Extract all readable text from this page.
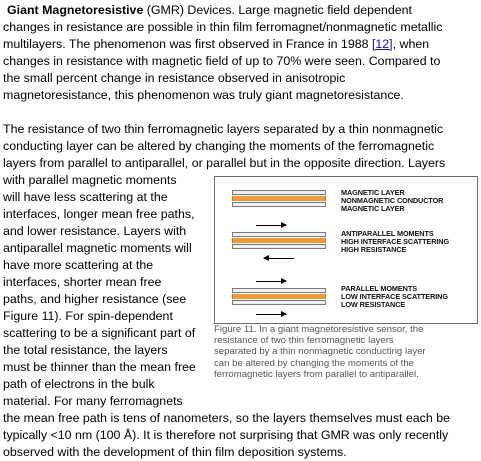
Giant Magnetoresistive (GMR) Devices. Large magnetic field dependent
changes in resistance are possible in thin film ferromagnet/nonmagnetic metallic
multilayers. The phenomenon was first observed in France in 1988 [12], when
changes in resistance with magnetic field of up to 70% were seen. Compared to
the small percent change in resistance observed in anisotropic
magnetoresistance, this phenomenon was truly giant magnetoresistance.
The resistance of two thin ferromagnetic layers separated by a thin nonmagnetic
conducting layer can be altered by changing the moments of the ferromagnetic
layers from parallel to antiparallel, or parallel but in the opposite direction. Layers
with parallel magnetic moments
will have less scattering at the
interfaces, longer mean free paths,
and lower resistance. Layers with
antiparallel magnetic moments will
have more scattering at the
interfaces, shorter mean free
paths, and higher resistance (see
Figure 11). For spin-dependent
scattering to be a significant part of
the total resistance, the layers
must be thinner than the mean free
path of electrons in the bulk
material. For many ferromagnets
the mean free path is tens of nanometers, so the layers themselves must each be
typically <10 nm (100 Å). It is therefore not surprising that GMR was only recently
observed with the development of thin film deposition systems.
MAGNETIC LAYER
NONMAGNETIC CONDUCTOR
MAGNETIC LAYER
ANTIPARALLEL MOMENTS
HIGH INTERFACE SCATTERING
HIGH RESISTANCE
PARALLEL MOMENTS
LOW INTERFACE SCATTERING
LOW RESISTANCE
Figure 11. In a giant magnetoresistive sensor, the
resistance of two thin ferromagnetic layers
separated by a thin nonmagnetic conducting layer
can be altered by changing the moments of the
ferromagnetic layers from parallel to antiparallel.
